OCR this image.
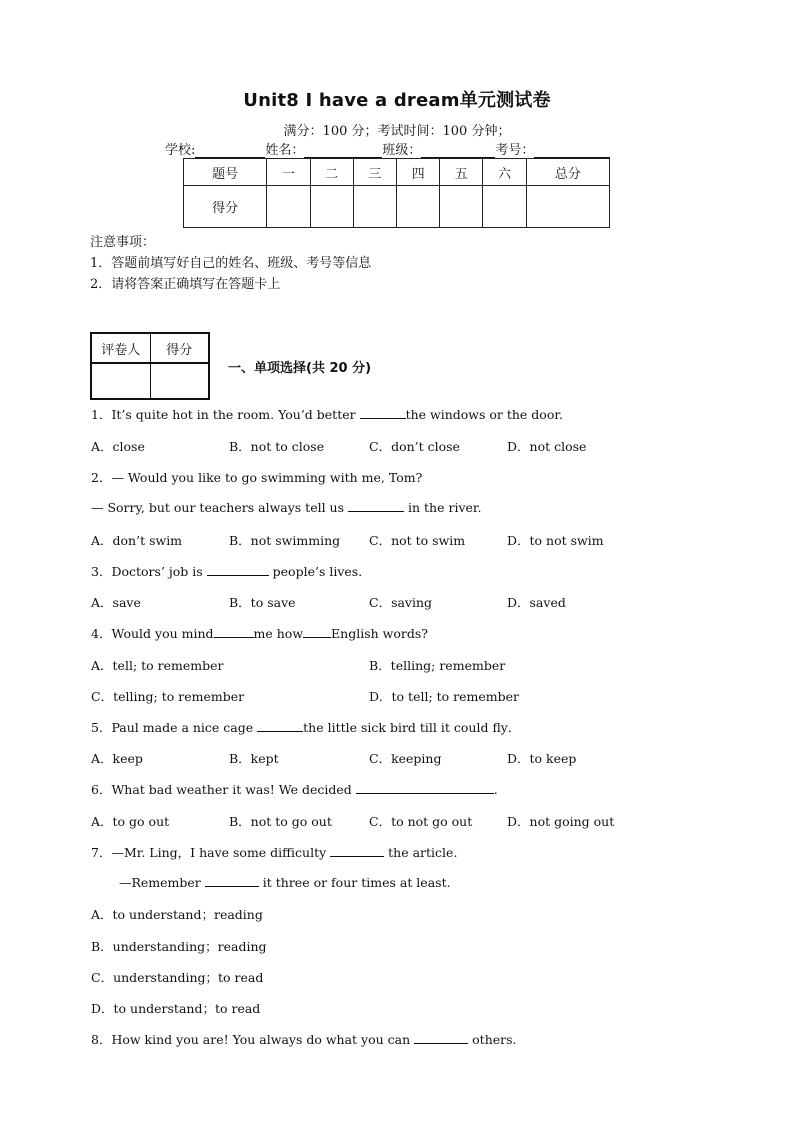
Unit8 I have a dream单元测试卷
满分：100 分；考试时间：100 分钟；
学校:	姓名：	班级：	考号：
题号	一	二	三	四	五	六	总分
得分							
注意事项：
1．答题前填写好自己的姓名、班级、考号等信息
2．请将答案正确填写在答题卡上
评卷人	得分

一、单项选择(共 20 分)
1．It’s quite hot in the room. You’d better	the windows or the door.
A．close	B．not to close	C．don’t close	D．not close
2．— Would you like to go swimming with me, Tom?
— Sorry, but our teachers always tell us	in the river.
A．don’t swim	B．not swimming C．not to swim	D．to not swim
3．Doctors’ job is	people’s lives.
A．save	B．to save	C．saving	D．saved
4．Would you mind	me how English words?
A．tell; to remember	B．telling; remember
C．telling; to remember	D．to tell; to remember
5．Paul made a nice cage	the little sick bird till it could fly．
A．keep	B．kept	C．keeping	D．to keep
6．What bad weather it was! We decided	.
A．to go out	B．not to go out	C．to not go out	D．not going out
7．—Mr. Ling，I have some difficulty	the article.
—Remember	it three or four times at least.
A．to understand；reading
B．understanding；reading
C．understanding；to read
D．to understand；to read
8．How kind you are! You always do what you can	others.
